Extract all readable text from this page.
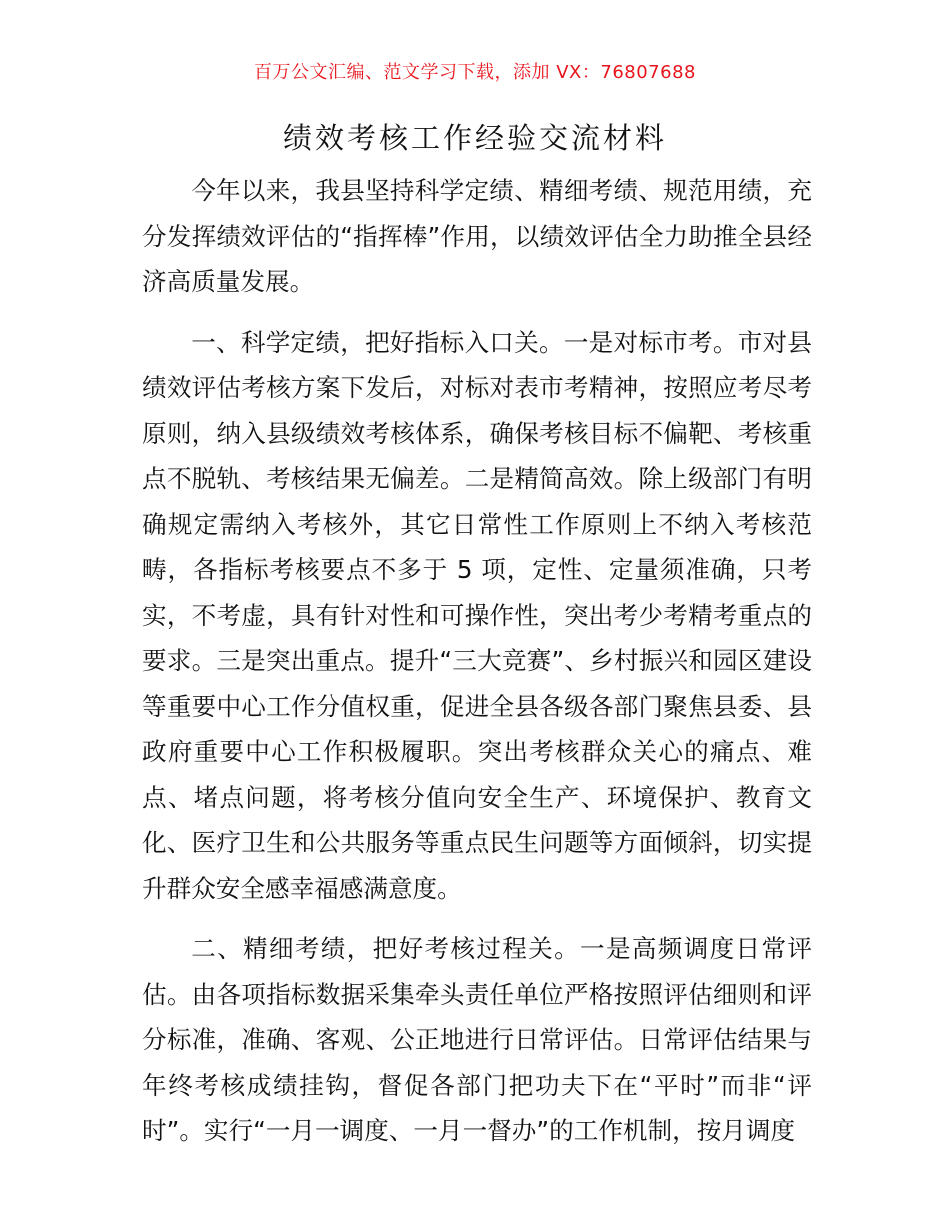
百万公文汇编、范文学习下载，添加 VX：76807688
绩效考核工作经验交流材料

今年以来，我县坚持科学定绩、精细考绩、规范用绩，充分发挥绩效评估的“指挥棒”作用，以绩效评估全力助推全县经济高质量发展。

一、科学定绩，把好指标入口关。一是对标市考。市对县绩效评估考核方案下发后，对标对表市考精神，按照应考尽考原则，纳入县级绩效考核体系，确保考核目标不偏靶、考核重点不脱轨、考核结果无偏差。二是精简高效。除上级部门有明确规定需纳入考核外，其它日常性工作原则上不纳入考核范畴，各指标考核要点不多于 5 项，定性、定量须准确，只考实，不考虚，具有针对性和可操作性，突出考少考精考重点的要求。三是突出重点。提升“三大竞赛”、乡村振兴和园区建设等重要中心工作分值权重，促进全县各级各部门聚焦县委、县政府重要中心工作积极履职。突出考核群众关心的痛点、难点、堵点问题，将考核分值向安全生产、环境保护、教育文化、医疗卫生和公共服务等重点民生问题等方面倾斜，切实提升群众安全感幸福感满意度。

二、精细考绩，把好考核过程关。一是高频调度日常评估。由各项指标数据采集牵头责任单位严格按照评估细则和评分标准，准确、客观、公正地进行日常评估。日常评估结果与年终考核成绩挂钩，督促各部门把功夫下在“平时”而非“评时”。实行“一月一调度、一月一督办”的工作机制，按月调度
